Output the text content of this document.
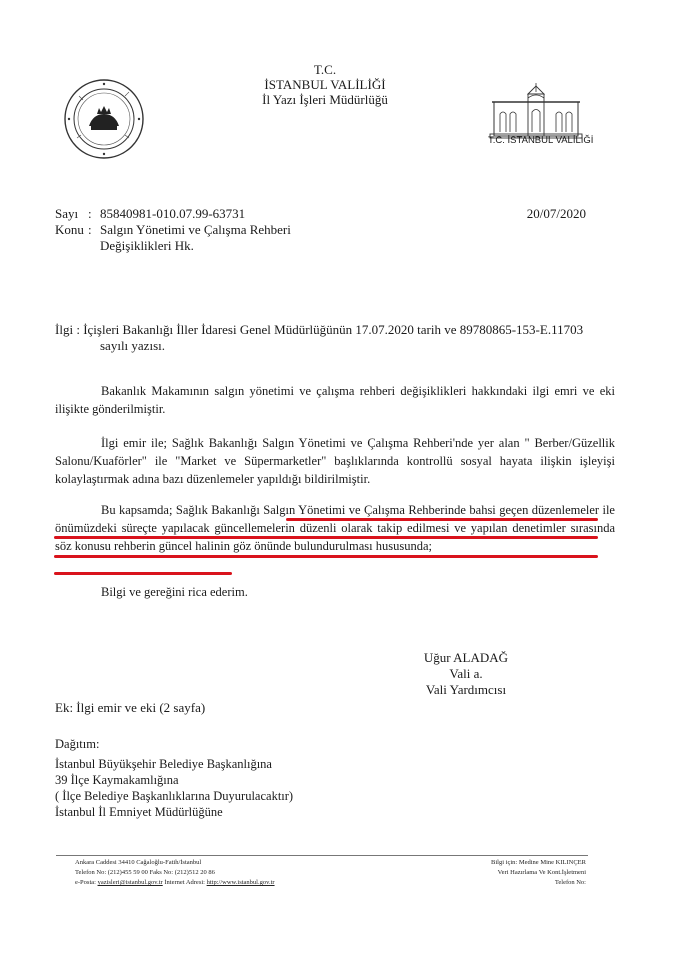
T.C.
İSTANBUL VALİLİĞİ
İl Yazı İşleri Müdürlüğü
T.C. İSTANBUL VALİLİĞİ
Sayı : 85840981-010.07.99-63731
Konu : Salgın Yönetimi ve Çalışma Rehberi
Değişiklikleri Hk.
20/07/2020
İlgi : İçişleri Bakanlığı İller İdaresi Genel Müdürlüğünün 17.07.2020 tarih ve 89780865-153-E.11703
sayılı yazısı.

Bakanlık Makamının salgın yönetimi ve çalışma rehberi değişiklikleri hakkındaki ilgi emri ve eki ilişikte gönderilmiştir.

İlgi emir ile; Sağlık Bakanlığı Salgın Yönetimi ve Çalışma Rehberi'nde yer alan " Berber/Güzellik Salonu/Kuaförler" ile "Market ve Süpermarketler" başlıklarında kontrollü sosyal hayata ilişkin işleyişi kolaylaştırmak adına bazı düzenlemeler yapıldığı bildirilmiştir.

Bu kapsamda; Sağlık Bakanlığı Salgın Yönetimi ve Çalışma Rehberinde bahsi geçen düzenlemeler ile önümüzdeki süreçte yapılacak güncellemelerin düzenli olarak takip edilmesi ve yapılan denetimler sırasında söz konusu rehberin güncel halinin göz önünde bulundurulması hususunda;

Bilgi ve gereğini rica ederim.

Uğur ALADAĞ
Vali a.
Vali Yardımcısı
Ek: İlgi emir ve eki (2 sayfa)
Dağıtım:
İstanbul Büyükşehir Belediye Başkanlığına
39 İlçe Kaymakamlığına
( İlçe Belediye Başkanlıklarına Duyurulacaktır)
İstanbul İl Emniyet Müdürlüğüne
Ankara Caddesi 34410 Cağaloğlu-Fatih/İstanbul
Telefon No: (212)455 59 00 Faks No: (212)512 20 86
e-Posta: yazisleri@istanbul.gov.tr İnternet Adresi: http://www.istanbul.gov.tr
Bilgi için: Medine Mine KILINÇER
Veri Hazırlama Ve Kont.İşletmeni
Telefon No:
